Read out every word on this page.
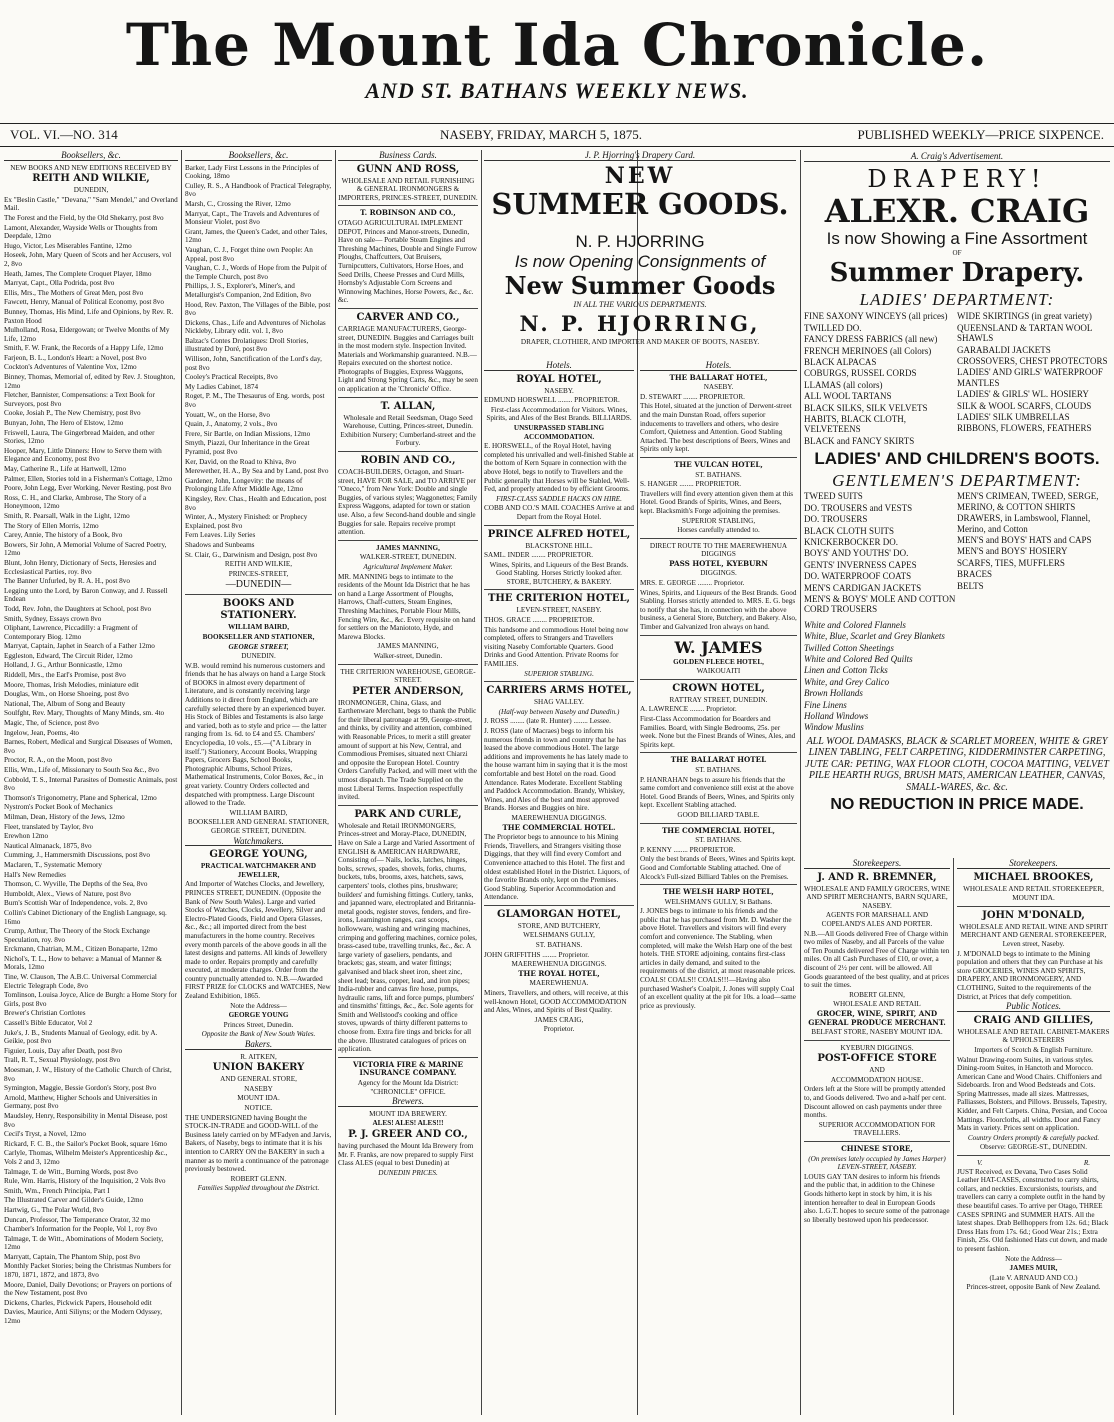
The Mount Ida Chronicle.
AND ST. BATHANS WEEKLY NEWS.
VOL. VI.—NO. 314	NASEBY, FRIDAY, MARCH 5, 1875.	PUBLISHED WEEKLY—PRICE SIXPENCE.
Booksellers, &c.

NEW BOOKS AND NEW EDITIONS RECEIVED BY

REITH AND WILKIE,

DUNEDIN,

Ex "Beslin Castle," "Devana," "Sam Mendel," and Overland Mail.

The Forest and the Field, by the Old Shekarry, post 8vo

Lamont, Alexander, Wayside Wells or Thoughts from Deepdale, 12mo

Hugo, Victor, Les Miserables Fantine, 12mo

Hoseek, John, Mary Queen of Scots and her Accusers, vol 2, 8vo

Heath, James, The Complete Croquet Player, 18mo

Marryat, Capt., Olla Podrida, post 8vo

Ellis, Mrs., The Mothers of Great Men, post 8vo

Fawcett, Henry, Manual of Political Economy, post 8vo

Bunney, Thomas, His Mind, Life and Opinions, by Rev. R. Paxton Hood

Mulholland, Rosa, Eldergowan; or Twelve Months of My Life, 12mo

Smith, F. W. Frank, the Records of a Happy Life, 12mo

Farjeon, B. L., London's Heart: a Novel, post 8vo

Cockton's Adventures of Valentine Vox, 12mo

Binney, Thomas, Memorial of, edited by Rev. J. Stoughton, 12mo

Fletcher, Bannister, Compensations: a Text Book for Surveyors, post 8vo

Cooke, Josiah P., The New Chemistry, post 8vo

Bunyan, John, The Hero of Elstow, 12mo

Friswell, Laura, The Gingerbread Maiden, and other Stories, 12mo

Hooper, Mary, Little Dinners: How to Serve them with Elegance and Economy, post 8vo

May, Catherine R., Life at Hartwell, 12mo

Palmer, Ellen, Stories told in a Fisherman's Cottage, 12mo

Poore, John Legg, Ever Working, Never Resting, post 8vo

Ross, C. H., and Clarke, Ambrose, The Story of a Honeymoon, 12mo

Smith, R. Pearsall, Walk in the Light, 12mo

The Story of Ellen Morris, 12mo

Carey, Annie, The history of a Book, 8vo

Bowers, Sir John, A Memorial Volume of Sacred Poetry, 12mo

Blunt, John Henry, Dictionary of Sects, Heresies and Ecclesiastical Parties, roy. 8vo

The Banner Unfurled, by R. A. H., post 8vo

Legging unto the Lord, by Baron Conway, and J. Russell Endean

Todd, Rev. John, the Daughters at School, post 8vo

Smith, Sydney, Essays crown 8vo

Oliphant, Lawrence, Piccadilly: a Fragment of Contemporary Biog. 12mo

Marryat, Captain, Japhet in Search of a Father 12mo

Eggleston, Edward, The Circuit Rider, 12mo

Holland, J. G., Arthur Bonnicastle, 12mo

Riddell, Mrs., the Earl's Promise, post 8vo

Moore, Thomas, Irish Melodies, miniature edit

Douglas, Wm., on Horse Shoeing, post 8vo

National, The, Album of Song and Beauty

Soulfght, Rev. Mary, Thoughts of Many Minds, sm. 4to

Magic, The, of Science, post 8vo

Ingelow, Jean, Poems, 4to

Barnes, Robert, Medical and Surgical Diseases of Women, 8vo

Proctor, R. A., on the Moon, post 8vo

Ellis, Wm., Life of, Missionary to South Sea &c., 8vo

Cobbold, T. S., Internal Parasites of Domestic Animals, post 8vo

Thomson's Trigonometry, Plane and Spherical, 12mo

Nystrom's Pocket Book of Mechanics

Milman, Dean, History of the Jews, 12mo

Fleet, translated by Taylor, 8vo

Erewhon 12mo

Nautical Almanack, 1875, 8vo

Cumming, J., Hammersmith Discussions, post 8vo

Maclaren, T., Systematic Memory

Hall's New Remedies

Thomson, C. Wyville, The Depths of the Sea, 8vo

Humboldt, Alex., Views of Nature, post 8vo

Burn's Scottish War of Independence, vols. 2, 8vo

Collin's Cabinet Dictionary of the English Language, sq. 16mo

Crump, Arthur, The Theory of the Stock Exchange Speculation, roy. 8vo

Erckmann, Chatrian, M.M., Citizen Bonaparte, 12mo

Nichol's, T. L., How to behave: a Manual of Manner & Morals, 12mo

Tine, W. Clauson, The A.B.C. Universal Commercial Electric Telegraph Code, 8vo

Tomlinson, Louisa Joyce, Alice de Burgh: a Home Story for Girls, post 8vo

Brewer's Christian Cortlotes

Cassell's Bible Educator, Vol 2

Juke's, J. B., Students Manual of Geology, edit. by A. Geikie, post 8vo

Figuier, Louis, Day after Death, post 8vo

Trall, R. T., Sexual Physiology, post 8vo

Moesman, J. W., History of the Catholic Church of Christ, 8vo

Symington, Maggie, Bessie Gordon's Story, post 8vo

Arnold, Matthew, Higher Schools and Universities in Germany, post 8vo

Maudsley, Henry, Responsibility in Mental Disease, post 8vo

Cecil's Tryst, a Novel, 12mo

Rickard, F. C. B., the Sailor's Pocket Book, square 16mo

Carlyle, Thomas, Wilhelm Meister's Apprenticeship &c., Vols 2 and 3, 12mo

Talmage, T. de Witt., Burning Words, post 8vo

Rule, Wm. Harris, History of the Inquisition, 2 Vols 8vo

Smith, Wm., French Principia, Part I

The Illustrated Carver and Gilder's Guide, 12mo

Hartwig, G., The Polar World, 8vo

Duncan, Professor, The Temperance Orator, 32 mo

Chamber's Information for the People, Vol 1, roy 8vo

Talmage, T. de Witt., Abominations of Modern Society, 12mo

Marryatt, Captain, The Phantom Ship, post 8vo

Monthly Packet Stories; being the Christmas Numbers for 1870, 1871, 1872, and 1873, 8vo

Moore, Daniel, Daily Devotions; or Prayers on portions of the New Testament, post 8vo

Dickens, Charles, Pickwick Papers, Household edit

Davies, Maurice, Anti Siliyns; or the Modern Odyssey, 12mo

Booksellers, &c.

Barker, Lady First Lessons in the Principles of Cooking, 18mo

Culley, R. S., A Handbook of Practical Telegraphy, 8vo

Marsh, C., Crossing the River, 12mo

Marryat, Capt., The Travels and Adventures of Monsieur Violet, post 8vo

Grant, James, the Queen's Cadet, and other Tales, 12mo

Vaughan, C. J., Forget thine own People: An Appeal, post 8vo

Vaughan, C. J., Words of Hope from the Pulpit of the Temple Church, post 8vo

Phillips, J. S., Explorer's, Miner's, and Metallurgist's Companion, 2nd Edition, 8vo

Hood, Rev. Paxton, The Villages of the Bible, post 8vo

Dickens, Chas., Life and Adventures of Nicholas Nickleby, Library edit. vol. 1, 8vo

Balzac's Contes Drolatiques: Droll Stories, illustrated by Doré, post 8vo

Willison, John, Sanctification of the Lord's day, post 8vo

Cooley's Practical Receipts, 8vo

My Ladies Cabinet, 1874

Roget, P. M., The Thesaurus of Eng. words, post 8vo

Youatt, W., on the Horse, 8vo

Quain, J., Anatomy, 2 vols., 8vo

Frere, Sir Bartle, on Indian Missions, 12mo

Smyth, Piazzi, Our Inheritance in the Great Pyramid, post 8vo

Ker, David, on the Road to Khiva, 8vo

Merewether, H. A., By Sea and by Land, post 8vo

Gardener, John, Longevity: the means of Prolonging Life After Middle Age, 12mo

Kingsley, Rev. Chas., Health and Education, post 8vo

Winter, A., Mystery Finished: or Prophecy Explained, post 8vo

Fern Leaves. Lily Series

Shadows and Sunbeams

St. Clair, G., Darwinism and Design, post 8vo

REITH AND WILKIE,

PRINCES-STREET,

—DUNEDIN—

BOOKS AND STATIONERY.

WILLIAM BAIRD,

BOOKSELLER AND STATIONER,

GEORGE STREET,

DUNEDIN.

W.B. would remind his numerous customers and friends that he has always on hand a Large Stock of BOOKS in almost every department of Literature, and is constantly receiving large Additions to it direct from England, which are carefully selected there by an experienced buyer. His Stock of Bibles and Testaments is also large and varied, both as to style and price — the latter ranging from 1s. 6d. to £4 and £5. Chambers' Encyclopedia, 10 vols., £5.—("A Library in itself.") Stationery, Account Books, Wrapping Papers, Grocers Bags, School Books, Photographic Albums, School Prizes, Mathematical Instruments, Color Boxes, &c., in great variety. Country Orders collected and despatched with promptness. Large Discount allowed to the Trade.

WILLIAM BAIRD,

BOOKSELLER AND GENERAL STATIONER, GEORGE STREET, DUNEDIN.

Watchmakers.

GEORGE YOUNG,

PRACTICAL WATCHMAKER AND JEWELLER,

And Importer of Watches Clocks, and Jewellery, PRINCES STREET, DUNEDIN. (Opposite the Bank of New South Wales). Large and varied Stocks of Watches, Clocks, Jewellery, Silver and Electro-Plated Goods, Field and Opera Glasses, &c., &c.; all imported direct from the best manufacturers in the home country. Receives every month parcels of the above goods in all the latest designs and patterns. All kinds of Jewellery made to order. Repairs promptly and carefully executed, at moderate charges. Order from the country punctually attended to. N.B.—Awarded FIRST PRIZE for CLOCKS and WATCHES, New Zealand Exhibition, 1865.

Note the Address—

GEORGE YOUNG

Princes Street, Dunedin.

Opposite the Bank of New South Wales.

Bakers.

R. AITKEN,

UNION BAKERY

AND GENERAL STORE,

NASEBY

MOUNT IDA.

NOTICE.

THE UNDERSIGNED having Bought the STOCK-IN-TRADE and GOOD-WILL of the Business lately carried on by M'Fadyen and Jarvis, Bakers, of Naseby, begs to intimate that it is his intention to CARRY ON the BAKERY in such a manner as to merit a continuance of the patronage previously bestowed.

ROBERT GLENN.

Families Supplied throughout the District.

Business Cards.

GUNN AND ROSS,

WHOLESALE AND RETAIL FURNISHING & GENERAL IRONMONGERS & IMPORTERS, PRINCES-STREET, DUNEDIN.

T. ROBINSON AND CO.,

OTAGO AGRICULTURAL IMPLEMENT DEPOT, Princes and Manor-streets, Dunedin, Have on sale— Portable Steam Engines and Threshing Machines, Double and Single Furrow Ploughs, Chaffcutters, Oat Bruisers, Turnipcutters, Cultivators, Horse Hoes, and Seed Drills, Cheese Presses and Curd Mills, Hornsby's Adjustable Corn Screens and Winnowing Machines, Horse Powers, &c., &c. &c.

CARVER AND CO.,

CARRIAGE MANUFACTURERS, George-street, DUNEDIN. Buggies and Carriages built in the most modern style. Inspection Invited. Materials and Workmanship guaranteed. N.B.—Repairs executed on the shortest notice. Photographs of Buggies, Express Waggons, Light and Strong Spring Carts, &c., may be seen on application at the 'Chronicle' Office.

T. ALLAN,

Wholesale and Retail Seedsman, Otago Seed Warehouse, Cutting, Princes-street, Dunedin. Exhibition Nursery; Cumberland-street and the Forbury.

ROBIN AND CO.,

COACH-BUILDERS, Octagon, and Stuart-street, HAVE FOR SALE, and TO ARRIVE per "Oneco," from New York: Double and single Buggies, of various styles; Waggonettes; Family Express Waggons, adapted for town or station use. Also, a few Second-hand double and single Buggies for sale. Repairs receive prompt attention.

JAMES MANNING,

WALKER-STREET, DUNEDIN.

Agricultural Implement Maker.

MR. MANNING begs to intimate to the residents of the Mount Ida District that he has on hand a Large Assortment of Ploughs, Harrows, Chaff-cutters, Steam Engines, Threshing Machines, Portable Flour Mills, Fencing Wire, &c., &c. Every requisite on hand for settlers on the Maniototo, Hyde, and Marewa Blocks.

JAMES MANNING,

Walker-street, Dunedin.

THE CRITERION WAREHOUSE, GEORGE-STREET.

PETER ANDERSON,

IRONMONGER, China, Glass, and Earthenware Merchant, begs to thank the Public for their liberal patronage at 99, George-street, and thinks, by civility and attention, combined with Reasonable Prices, to merit a still greater amount of support at his New, Central, and Commodious Premises, situated next Chiarzi and opposite the European Hotel. Country Orders Carefully Packed, and will meet with the utmost dispatch. The Trade Supplied on the most Liberal Terms. Inspection respectfully invited.

PARK AND CURLE,

Wholesale and Retail IRONMONGERS, Princes-street and Moray-Place, DUNEDIN, Have on Sale a Large and Varied Assortment of ENGLISH & AMERICAN HARDWARE, Consisting of— Nails, locks, latches, hinges, bolts, screws, spades, shovels, forks, churns, buckets, tubs, brooms, axes, hatchets, saws, carpenters' tools, clothes pins, brushware; builders' and furnishing fittings. Cutlery, tanks, and japanned ware, electroplated and Britannia-metal goods, register stoves, fenders, and fire-irons, Leamington ranges, cast scoops, hollowware, washing and wringing machines, crimping and goffering machines, cornice poles, brass-cased tube, travelling trunks, &c., &c. A large variety of gaseliers, pendants, and brackets; gas, steam, and water fittings; galvanised and black sheet iron, sheet zinc, sheet lead; brass, copper, lead, and iron pipes; India-rubber and canvas fire hose, pumps, hydraulic rams, lift and force pumps, plumbers' and tinsmiths' fittings, &c., &c. Sole agents for Smith and Wellstood's cooking and office stoves, upwards of thirty different patterns to choose from. Extra fire tings and bricks for all the above. Illustrated catalogues of prices on application.

VICTORIA FIRE & MARINE INSURANCE COMPANY.

Agency for the Mount Ida District: "CHRONICLE" OFFICE.

Brewers.

MOUNT IDA BREWERY.

ALES! ALES! ALES!!!

P. J. GREER AND CO.,

having purchased the Mount Ida Brewery from Mr. F. Franks, are now prepared to supply First Class ALES (equal to best Dunedin) at

DUNEDIN PRICES.

J. P. Hjorring's Drapery Card.
NEW
SUMMER GOODS.
N. P. HJORRING
Is now Opening Consignments of
New Summer Goods
IN ALL THE VARIOUS DEPARTMENTS.
N. P. HJORRING,
DRAPER, CLOTHIER, AND IMPORTER AND MAKER OF BOOTS, NASEBY.
Hotels.

ROYAL HOTEL,

NASEBY.

EDMUND HORSWELL ........ PROPRIETOR.

First-class Accommodation for Visitors. Wines, Spirits, and Ales of the Best Brands. BILLIARDS.

UNSURPASSED STABLING ACCOMMODATION.

E. HORSWELL, of the Royal Hotel, having completed his unrivalled and well-finished Stable at the bottom of Kern Square in connection with the above Hotel, begs to notify to Travellers and the Public generally that Horses will be Stabled, Well-Fed, and properly attended to by efficient Grooms.

FIRST-CLASS SADDLE HACKS ON HIRE.

COBB AND CO.'S MAIL COACHES Arrive at and Depart from the Royal Hotel.

PRINCE ALFRED HOTEL,

BLACKSTONE HILL.

SAML. INDER ........ PROPRIETOR.

Wines, Spirits, and Liqueurs of the Best Brands. Good Stabling. Horses Strictly looked after. STORE, BUTCHERY, & BAKERY.

THE CRITERION HOTEL,

LEVEN-STREET, NASEBY.

THOS. GRACE ........ PROPRIETOR.

This handsome and commodious Hotel being now completed, offers to Strangers and Travellers visiting Naseby Comfortable Quarters. Good Drinks and Good Attention. Private Rooms for FAMILIES.

SUPERIOR STABLING.

CARRIERS ARMS HOTEL,

SHAG VALLEY.

(Half-way between Naseby and Dunedin.)

J. ROSS ........ (late R. Hunter) ........ Lessee.

J. ROSS (late of Macraes) begs to inform his numerous friends in town and country that he has leased the above commodious Hotel. The large additions and improvements he has lately made to the house warrant him in saying that it is the most comfortable and best Hotel on the road. Good Attendance. Rates Moderate. Excellent Stabling and Paddock Accommodation. Brandy, Whiskey, Wines, and Ales of the best and most approved Brands. Horses and Buggies on hire.

MAEREWHENUA DIGGINGS.

THE COMMERCIAL HOTEL.

The Proprietor begs to announce to his Mining Friends, Travellers, and Strangers visiting those Diggings, that they will find every Comfort and Convenience attached to this Hotel. The first and oldest established Hotel in the District. Liquors, of the favorite Brands only, kept on the Premises. Good Stabling. Superior Accommodation and Attendance.

GLAMORGAN HOTEL,

STORE, AND BUTCHERY,

WELSHMANS GULLY,

ST. BATHANS.

JOHN GRIFFITHS ........ Proprietor.

MAEREWHENUA DIGGINGS.

THE ROYAL HOTEL,

MAEREWHENUA.

Miners, Travellers, and others, will receive, at this well-known Hotel, GOOD ACCOMMODATION and Ales, Wines, and Spirits of Best Quality.

JAMES CRAIG,

Proprietor.

Hotels.

THE BALLARAT HOTEL,

NASEBY.

D. STEWART ........ PROPRIETOR.

This Hotel, situated at the junction of Derwent-street and the main Dunstan Road, offers superior inducements to travellers and others, who desire Comfort, Quietness and Attention. Good Stabling Attached. The best descriptions of Beers, Wines and Spirits only kept.

THE VULCAN HOTEL,

ST. BATHANS.

S. HANGER ........ PROPRIETOR.

Travellers will find every attention given them at this Hotel. Good Brands of Spirits, Wines, and Beers, kept. Blacksmith's Forge adjoining the premises.

SUPERIOR STABLING,

Horses carefully attended to.

DIRECT ROUTE TO THE MAEREWHENUA DIGGINGS

PASS HOTEL, KYEBURN

DIGGINGS.

MRS. E. GEORGE ........ Proprietor.

Wines, Spirits, and Liqueurs of the Best Brands. Good Stabling. Horses strictly attended to. MRS. E. G. begs to notify that she has, in connection with the above business, a General Store, Butchery, and Bakery. Also, Timber and Galvanized Iron always on hand.

W. JAMES

GOLDEN FLEECE HOTEL,

WAIKOUAITI

CROWN HOTEL,

RATTRAY STREET, DUNEDIN.

A. LAWRENCE ........ Proprietor.

First-Class Accommodation for Boarders and Families. Board, with Single Bedrooms, 25s. per week. None but the Finest Brands of Wines, Ales, and Spirits kept.

THE BALLARAT HOTEL

ST. BATHANS.

P. HANRAHAN begs to assure his friends that the same comfort and convenience still exist at the above Hotel. Good Brands of Beers, Wines, and Spirits only kept. Excellent Stabling attached.

GOOD BILLIARD TABLE.

THE COMMERCIAL HOTEL,

ST. BATHANS.

P. KENNY ........ PROPRIETOR.

Only the best brands of Beers, Wines and Spirits kept. Good and Comfortable Stabling attached. One of Alcock's Full-sized Billiard Tables on the Premises.

THE WELSH HARP HOTEL,

WELSHMAN'S GULLY, St Bathans.

J. JONES begs to intimate to his friends and the public that he has purchased from Mr. D. Washer the above Hotel. Travellers and visitors will find every comfort and convenience. The Stabling, when completed, will make the Welsh Harp one of the best hotels. THE STORE adjoining, contains first-class articles in daily demand, and suited to the requirements of the district, at most reasonable prices. COALS! COALS!! COALS!!!—Having also purchased Washer's Coalpit, J. Jones will supply Coal of an excellent quality at the pit for 10s. a load—same price as previously.

A. Craig's Advertisement.
DRAPERY!
ALEXR. CRAIG
Is now Showing a Fine Assortment
OF
Summer Drapery.
LADIES' DEPARTMENT:

FINE SAXONY WINCEYS (all prices)

TWILLED DO.

FANCY DRESS FABRICS (all new)

FRENCH MERINOES (all Colors)

BLACK ALPACAS

COBURGS, RUSSEL CORDS

LLAMAS (all colors)

ALL WOOL TARTANS

BLACK SILKS, SILK VELVETS

HABITS, BLACK CLOTH, VELVETEENS

BLACK and FANCY SKIRTS

WIDE SKIRTINGS (in great variety)

QUEENSLAND & TARTAN WOOL SHAWLS

GARABALDI JACKETS

CROSSOVERS, CHEST PROTECTORS

LADIES' AND GIRLS' WATERPROOF MANTLES

LADIES' & GIRLS' WL. HOSIERY

SILK & WOOL SCARFS, CLOUDS

LADIES' SILK UMBRELLAS

RIBBONS, FLOWERS, FEATHERS

LADIES' AND CHILDREN'S BOOTS.
GENTLEMEN'S DEPARTMENT:

TWEED SUITS

DO. TROUSERS and VESTS

DO. TROUSERS

BLACK CLOTH SUITS

KNICKERBOCKER DO.

BOYS' AND YOUTHS' DO.

GENTS' INVERNESS CAPES

DO. WATERPROOF COATS

MEN'S CARDIGAN JACKETS

MEN'S & BOYS' MOLE AND COTTON CORD TROUSERS

MEN'S CRIMEAN, TWEED, SERGE, MERINO, & COTTON SHIRTS

DRAWERS, in Lambswool, Flannel, Merino, and Cotton

MEN'S and BOYS' HATS and CAPS

MEN'S and BOYS' HOSIERY

SCARFS, TIES, MUFFLERS

BRACES

BELTS

White and Colored Flannels

White, Blue, Scarlet and Grey Blankets

Twilled Cotton Sheetings

White and Colored Bed Quilts

Linen and Cotton Ticks

White, and Grey Calico

Brown Hollands

Fine Linens

Holland Windows

Window Muslins

ALL WOOL DAMASKS, BLACK & SCARLET MOREEN, WHITE & GREY LINEN TABLING, FELT CARPETING, KIDDERMINSTER CARPETING, JUTE CAR: PETING, WAX FLOOR CLOTH, COCOA MATTING, VELVET PILE HEARTH RUGS, BRUSH MATS, AMERICAN LEATHER, CANVAS, SMALL-WARES, &c. &c.

NO REDUCTION IN PRICE MADE.
Storekeepers.

J. AND R. BREMNER,

WHOLESALE AND FAMILY GROCERS, WINE AND SPIRIT MERCHANTS, BARN SQUARE, NASEBY.

AGENTS FOR MARSHALL AND COPELAND'S ALES AND PORTER.

N.B.—All Goods delivered Free of Charge within two miles of Naseby, and all Parcels of the value of Ten Pounds delivered Free of Charge within ten miles. On all Cash Purchases of £10, or over, a discount of 2½ per cent. will be allowed. All Goods guaranteed of the best quality, and at prices to suit the times.

ROBERT GLENN,

WHOLESALE AND RETAIL

GROCER, WINE, SPIRIT, AND GENERAL PRODUCE MERCHANT.

BELFAST STORE, NASEBY MOUNT IDA.

KYEBURN DIGGINGS.

POST-OFFICE STORE

AND

ACCOMMODATION HOUSE.

Orders left at the Store will be promptly attended to, and Goods delivered. Two and a-half per cent. Discount allowed on cash payments under three months.

SUPERIOR ACCOMMODATION FOR TRAVELLERS.

CHINESE STORE,

(On premises lately occupied by James Harper) LEVEN-STREET, NASEBY.

LOUIS GAY TAN desires to inform his friends and the public that, in addition to the Chinese Goods hitherto kept in stock by him, it is his intention hereafter to deal in European Goods also. L.G.T. hopes to secure some of the patronage so liberally bestowed upon his predecessor.

Storekeepers.

MICHAEL BROOKES,

WHOLESALE AND RETAIL STOREKEEPER,

MOUNT IDA.

JOHN M'DONALD,

WHOLESALE AND RETAIL WINE AND SPIRIT MERCHANT AND GENERAL STOREKEEPER, Leven street, Naseby.

J. M'DONALD begs to intimate to the Mining population and others that they can Purchase at his store GROCERIES, WINES AND SPIRITS, DRAPERY, AND IRONMONGERY, AND CLOTHING, Suited to the requirements of the District, at Prices that defy competition.

Public Notices.

CRAIG AND GILLIES,

WHOLESALE AND RETAIL CABINET-MAKERS & UPHOLSTERERS

Importers of Scotch & English Furniture.

Walnut Drawing-room Suites, in various styles. Dining-room Suites, in Hanctoth and Morocco. American Cane and Wood Chairs. Chiffoniers and Sideboards. Iron and Wood Bedsteads and Cots. Spring Mattresses, made all sizes. Mattresses, Palliasses, Bolsters, and Pillows. Brussels, Tapestry, Kidder, and Felt Carpets. China, Persian, and Cocoa Mattings. Floorcloths, all widths. Door and Fancy Mats in variety. Prices sent on application.

Country Orders promptly & carefully packed.

Observe: GEORGE-ST., DUNEDIN.

V.	R.

JUST Received, ex Devana, Two Cases Solid Leather HAT-CASES, constructed to carry shirts, collars, and neckties. Excursionists, tourists, and travellers can carry a complete outfit in the hand by these beautiful cases. To arrive per Otago, THREE CASES SPRING and SUMMER HATS. All the latest shapes. Drab Bellhoppers from 12s. 6d.; Black Dress Hats from 17s. 6d.; Good Wear 21s.; Extra Finish, 25s. Old fashioned Hats cut down, and made to present fashion.

Note the Address—

JAMES MUIR,

(Late V. ARNAUD AND CO.)

Princes-street, opposite Bank of New Zealand.
